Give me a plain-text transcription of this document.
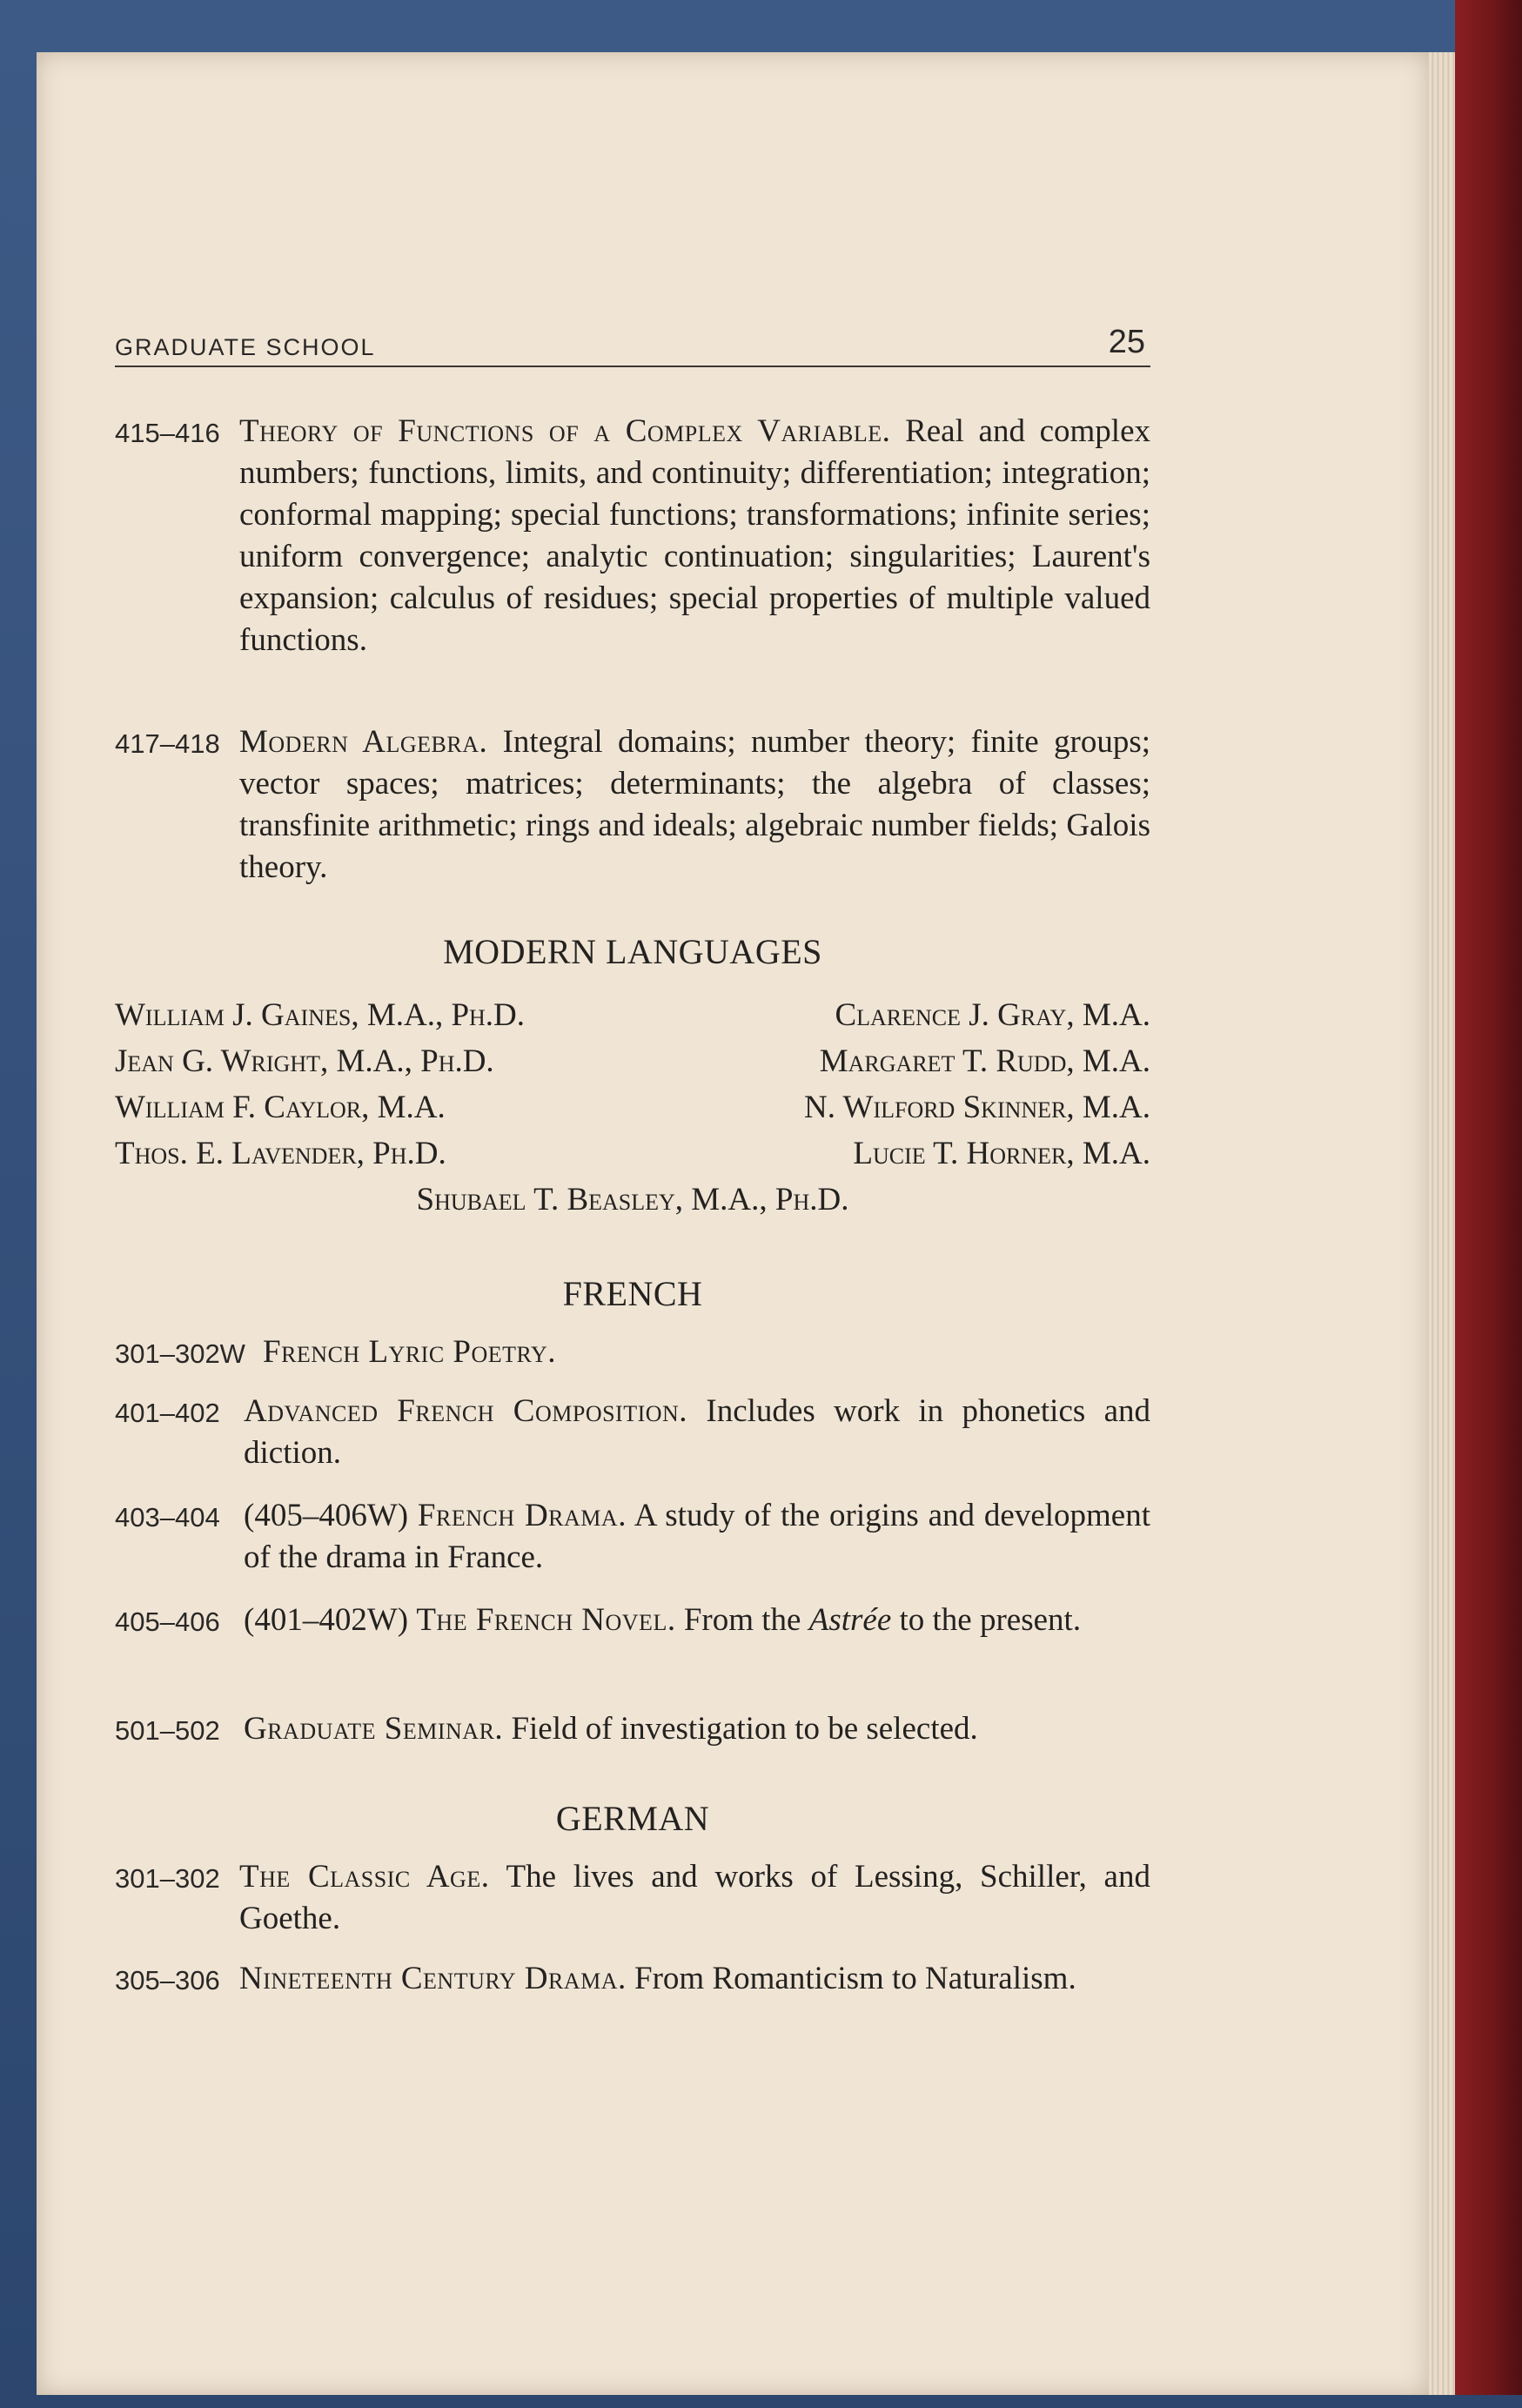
GRADUATE SCHOOL	25
415–416 Theory of Functions of a Complex Variable. Real and complex numbers; functions, limits, and continuity; differentiation; integration; conformal mapping; special functions; transformations; infinite series; uniform convergence; analytic continuation; singularities; Laurent's expansion; calculus of residues; special properties of multiple valued functions.
417–418 Modern Algebra. Integral domains; number theory; finite groups; vector spaces; matrices; determinants; the algebra of classes; transfinite arithmetic; rings and ideals; algebraic number fields; Galois theory.
MODERN LANGUAGES
William J. Gaines, M.A., Ph.D.
Jean G. Wright, M.A., Ph.D.
William F. Caylor, M.A.
Thos. E. Lavender, Ph.D.
Clarence J. Gray, M.A.
Margaret T. Rudd, M.A.
N. Wilford Skinner, M.A.
Lucie T. Horner, M.A.
Shubael T. Beasley, M.A., Ph.D.
FRENCH
301–302W French Lyric Poetry.
401–402 Advanced French Composition. Includes work in phonetics and diction.
403–404 (405–406W) French Drama. A study of the origins and development of the drama in France.
405–406 (401–402W) The French Novel. From the Astrée to the present.
501–502 Graduate Seminar. Field of investigation to be selected.
GERMAN
301–302 The Classic Age. The lives and works of Lessing, Schiller, and Goethe.
305–306 Nineteenth Century Drama. From Romanticism to Naturalism.
